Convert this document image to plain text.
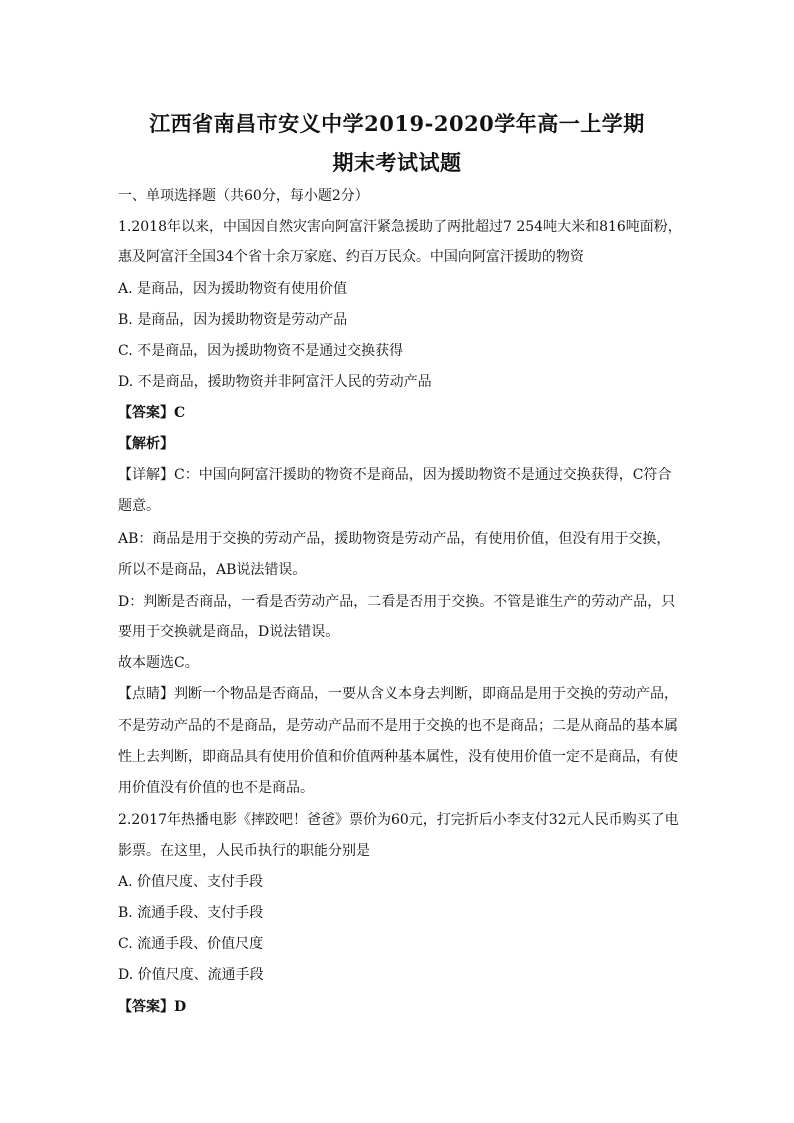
江西省南昌市安义中学2019-2020学年高一上学期
期末考试试题

一、单项选择题（共60分，每小题2分）

1.2018年以来，中国因自然灾害向阿富汗紧急援助了两批超过7 254吨大米和816吨面粉，

惠及阿富汗全国34个省十余万家庭、约百万民众。中国向阿富汗援助的物资

A. 是商品，因为援助物资有使用价值

B. 是商品，因为援助物资是劳动产品

C. 不是商品，因为援助物资不是通过交换获得

D. 不是商品，援助物资并非阿富汗人民的劳动产品

【答案】C

【解析】

【详解】C：中国向阿富汗援助的物资不是商品，因为援助物资不是通过交换获得，C符合

题意。

AB：商品是用于交换的劳动产品，援助物资是劳动产品，有使用价值，但没有用于交换，

所以不是商品，AB说法错误。

D：判断是否商品，一看是否劳动产品，二看是否用于交换。不管是谁生产的劳动产品，只

要用于交换就是商品，D说法错误。

故本题选C。

【点睛】判断一个物品是否商品，一要从含义本身去判断，即商品是用于交换的劳动产品，

不是劳动产品的不是商品，是劳动产品而不是用于交换的也不是商品；二是从商品的基本属

性上去判断，即商品具有使用价值和价值两种基本属性，没有使用价值一定不是商品，有使

用价值没有价值的也不是商品。

2.2017年热播电影《摔跤吧！爸爸》票价为60元，打完折后小李支付32元人民币购买了电

影票。在这里，人民币执行的职能分别是

A. 价值尺度、支付手段

B. 流通手段、支付手段

C. 流通手段、价值尺度

D. 价值尺度、流通手段

【答案】D
